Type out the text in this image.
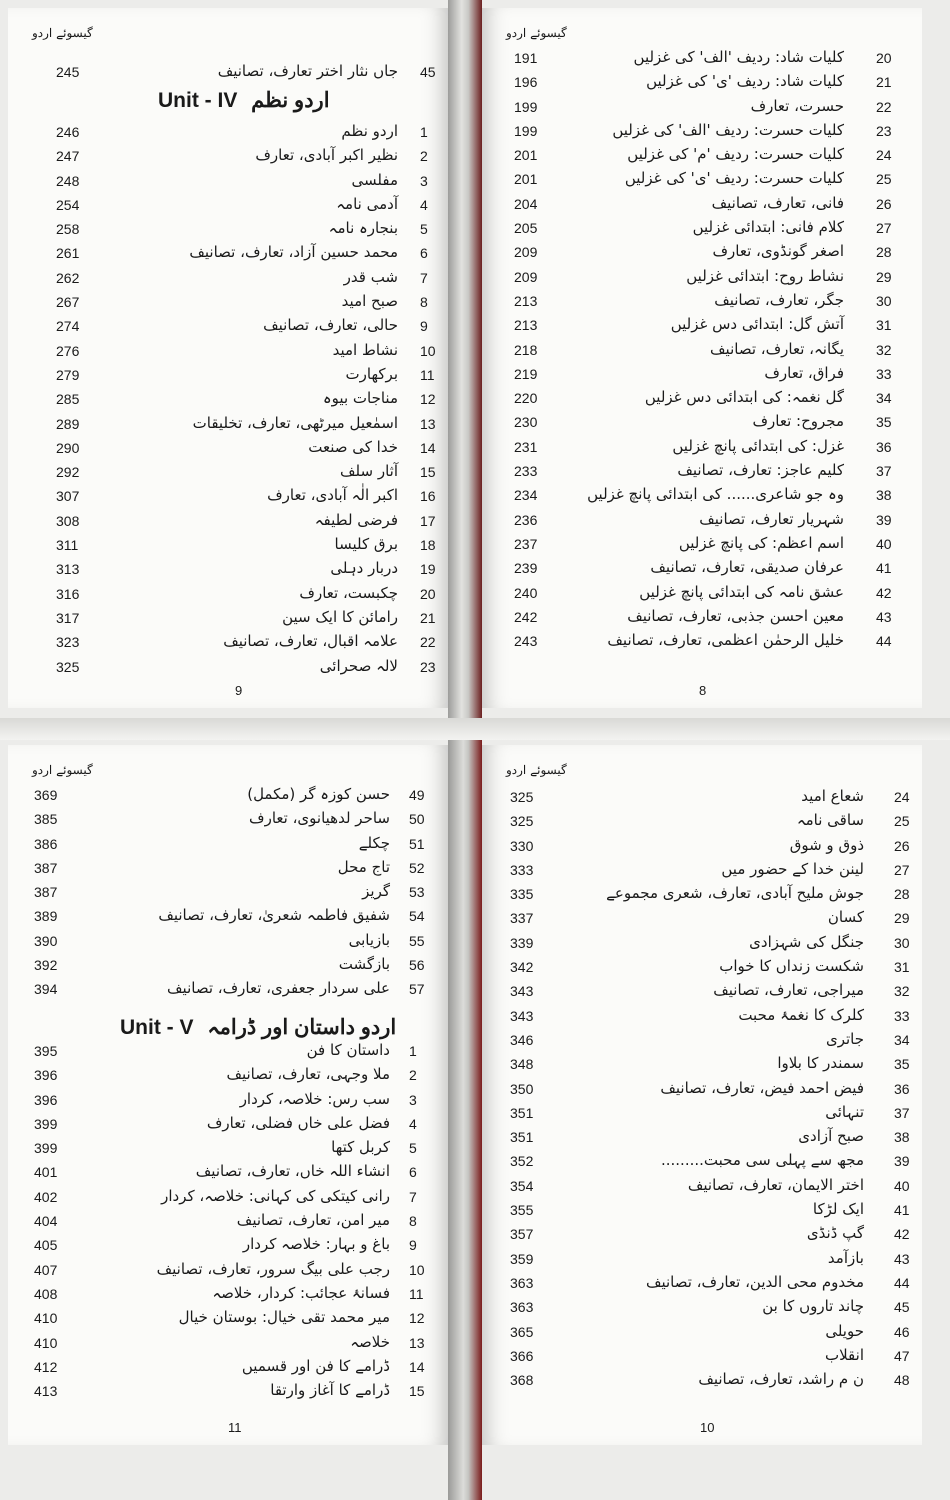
گیسوئے اردو
245	جاں نثار اختر تعارف، تصانیف 45
Unit - IV اردو نظم
246	اردو نظم 1
247	نظیر اکبر آبادی، تعارف 2
248	مفلسی 3
254	آدمی نامہ 4
258	بنجارہ نامہ 5
261	محمد حسین آزاد، تعارف، تصانیف 6
262	شب قدر 7
267	صبح امید 8
274	حالی، تعارف، تصانیف 9
276	نشاط امید 10
279	برکھارت 11
285	مناجات بیوہ 12
289	اسمٰعیل میرٹھی، تعارف، تخلیقات 13
290	خدا کی صنعت 14
292	آثار سلف 15
307	اکبر الٰہ آبادی، تعارف 16
308	فرضی لطیفہ 17
311	برق کلیسا 18
313	دربار دہلی 19
316	چکبست، تعارف 20
317	رامائن کا ایک سین 21
323	علامہ اقبال، تعارف، تصانیف 22
325	لالہ صحرائی 23
9
گیسوئے اردو
191	کلیات شاد: ردیف 'الف' کی غزلیں 20
196	کلیات شاد: ردیف 'ی' کی غزلیں 21
199	حسرت، تعارف 22
199	کلیات حسرت: ردیف 'الف' کی غزلیں 23
201	کلیات حسرت: ردیف 'م' کی غزلیں 24
201	کلیات حسرت: ردیف 'ی' کی غزلیں 25
204	فانی، تعارف، تصانیف 26
205	کلام فانی: ابتدائی غزلیں 27
209	اصغر گونڈوی، تعارف 28
209	نشاط روح: ابتدائی غزلیں 29
213	جگر، تعارف، تصانیف 30
213	آتش گل: ابتدائی دس غزلیں 31
218	یگانہ، تعارف، تصانیف 32
219	فراق، تعارف 33
220	گل نغمہ: کی ابتدائی دس غزلیں 34
230	مجروح: تعارف 35
231	غزل: کی ابتدائی پانچ غزلیں 36
233	کلیم عاجز: تعارف، تصانیف 37
234	وہ جو شاعری...... کی ابتدائی پانچ غزلیں 38
236	شہریار تعارف، تصانیف 39
237	اسم اعظم: کی پانچ غزلیں 40
239	عرفان صدیقی، تعارف، تصانیف 41
240	عشق نامہ کی ابتدائی پانچ غزلیں 42
242	معین احسن جذبی، تعارف، تصانیف 43
243	خلیل الرحمٰن اعظمی، تعارف، تصانیف 44
8
گیسوئے اردو
369	حسن کوزہ گر (مکمل) 49
385	ساحر لدھیانوی، تعارف 50
386	چکلے 51
387	تاج محل 52
387	گریز 53
389	شفیق فاطمہ شعریٰ، تعارف، تصانیف 54
390	بازیابی 55
392	بازگشت 56
394	علی سردار جعفری، تعارف، تصانیف 57
Unit - V اردو داستان اور ڈرامہ
395	داستان کا فن 1
396	ملا وجہی، تعارف، تصانیف 2
396	سب رس: خلاصہ، کردار 3
399	فضل علی خاں فضلی، تعارف 4
399	کربل کتھا 5
401	انشاء اللہ خاں، تعارف، تصانیف 6
402	رانی کیتکی کی کہانی: خلاصہ، کردار 7
404	میر امن، تعارف، تصانیف 8
405	باغ و بہار: خلاصہ کردار 9
407	رجب علی بیگ سرور، تعارف، تصانیف 10
408	فسانۂ عجائب: کردار، خلاصہ 11
410	میر محمد تقی خیال: بوستان خیال 12
410	خلاصہ 13
412	ڈرامے کا فن اور قسمیں 14
413	ڈرامے کا آغاز وارتقا 15
11
گیسوئے اردو
325	شعاع امید 24
325	ساقی نامہ 25
330	ذوق و شوق 26
333	لینن خدا کے حضور میں 27
335	جوش ملیح آبادی، تعارف، شعری مجموعے 28
337	کسان 29
339	جنگل کی شہزادی 30
342	شکست زنداں کا خواب 31
343	میراجی، تعارف، تصانیف 32
343	کلرک کا نغمۂ محبت 33
346	جاتری 34
348	سمندر کا بلاوا 35
350	فیض احمد فیض، تعارف، تصانیف 36
351	تنہائی 37
351	صبح آزادی 38
352	مجھ سے پہلی سی محبت......... 39
354	اختر الایمان، تعارف، تصانیف 40
355	ایک لڑکا 41
357	گپ ڈنڈی 42
359	بازآمد 43
363	مخدوم محی الدین، تعارف، تصانیف 44
363	چاند تاروں کا بن 45
365	حویلی 46
366	انقلاب 47
368	ن م راشد، تعارف، تصانیف 48
10
